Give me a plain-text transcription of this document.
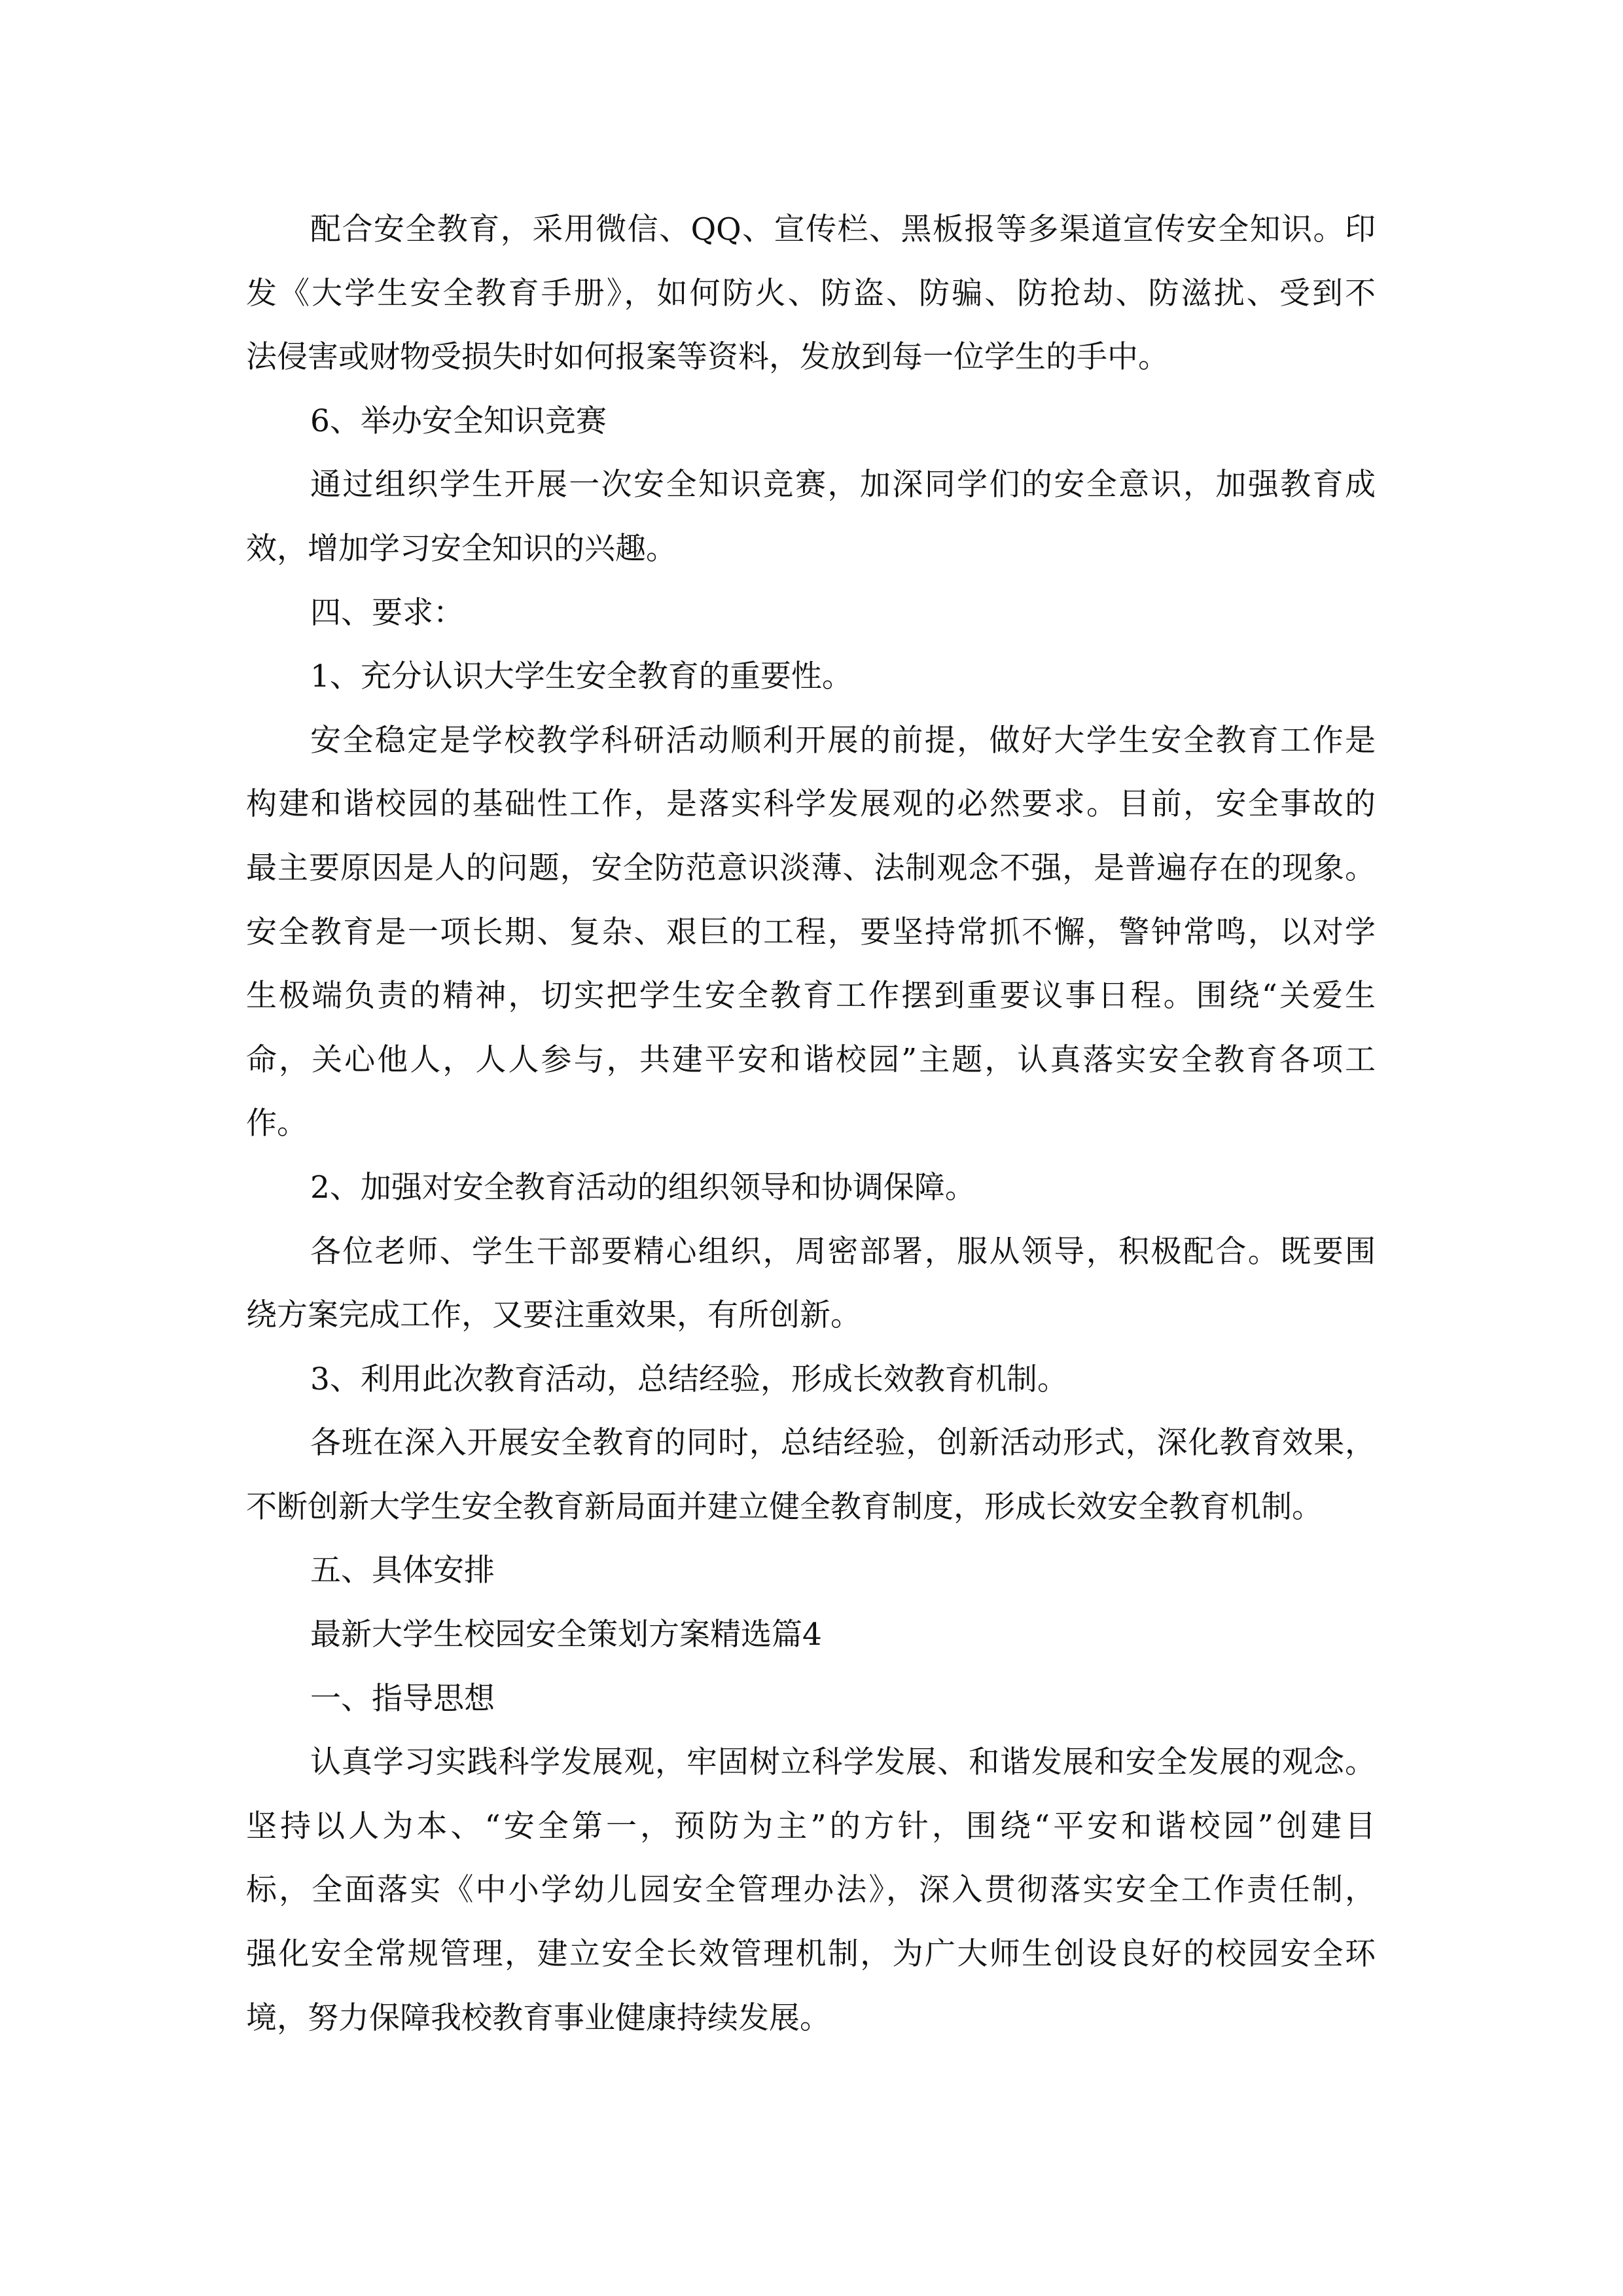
配合安全教育，采用微信、QQ、宣传栏、黑板报等多渠道宣传安全知识。印
发《大学生安全教育手册》，如何防火、防盗、防骗、防抢劫、防滋扰、受到不
法侵害或财物受损失时如何报案等资料，发放到每一位学生的手中。
6、举办安全知识竞赛
通过组织学生开展一次安全知识竞赛，加深同学们的安全意识，加强教育成
效，增加学习安全知识的兴趣。
四、要求：
1、充分认识大学生安全教育的重要性。
安全稳定是学校教学科研活动顺利开展的前提，做好大学生安全教育工作是
构建和谐校园的基础性工作，是落实科学发展观的必然要求。目前，安全事故的
最主要原因是人的问题，安全防范意识淡薄、法制观念不强，是普遍存在的现象。
安全教育是一项长期、复杂、艰巨的工程，要坚持常抓不懈，警钟常鸣，以对学
生极端负责的精神，切实把学生安全教育工作摆到重要议事日程。围绕“关爱生
命，关心他人，人人参与，共建平安和谐校园”主题，认真落实安全教育各项工
作。
2、加强对安全教育活动的组织领导和协调保障。
各位老师、学生干部要精心组织，周密部署，服从领导，积极配合。既要围
绕方案完成工作，又要注重效果，有所创新。
3、利用此次教育活动，总结经验，形成长效教育机制。
各班在深入开展安全教育的同时，总结经验，创新活动形式，深化教育效果，
不断创新大学生安全教育新局面并建立健全教育制度，形成长效安全教育机制。
五、具体安排
最新大学生校园安全策划方案精选篇4
一、指导思想
认真学习实践科学发展观，牢固树立科学发展、和谐发展和安全发展的观念。
坚持以人为本、“安全第一，预防为主”的方针，围绕“平安和谐校园”创建目
标，全面落实《中小学幼儿园安全管理办法》，深入贯彻落实安全工作责任制，
强化安全常规管理，建立安全长效管理机制，为广大师生创设良好的校园安全环
境，努力保障我校教育事业健康持续发展。
